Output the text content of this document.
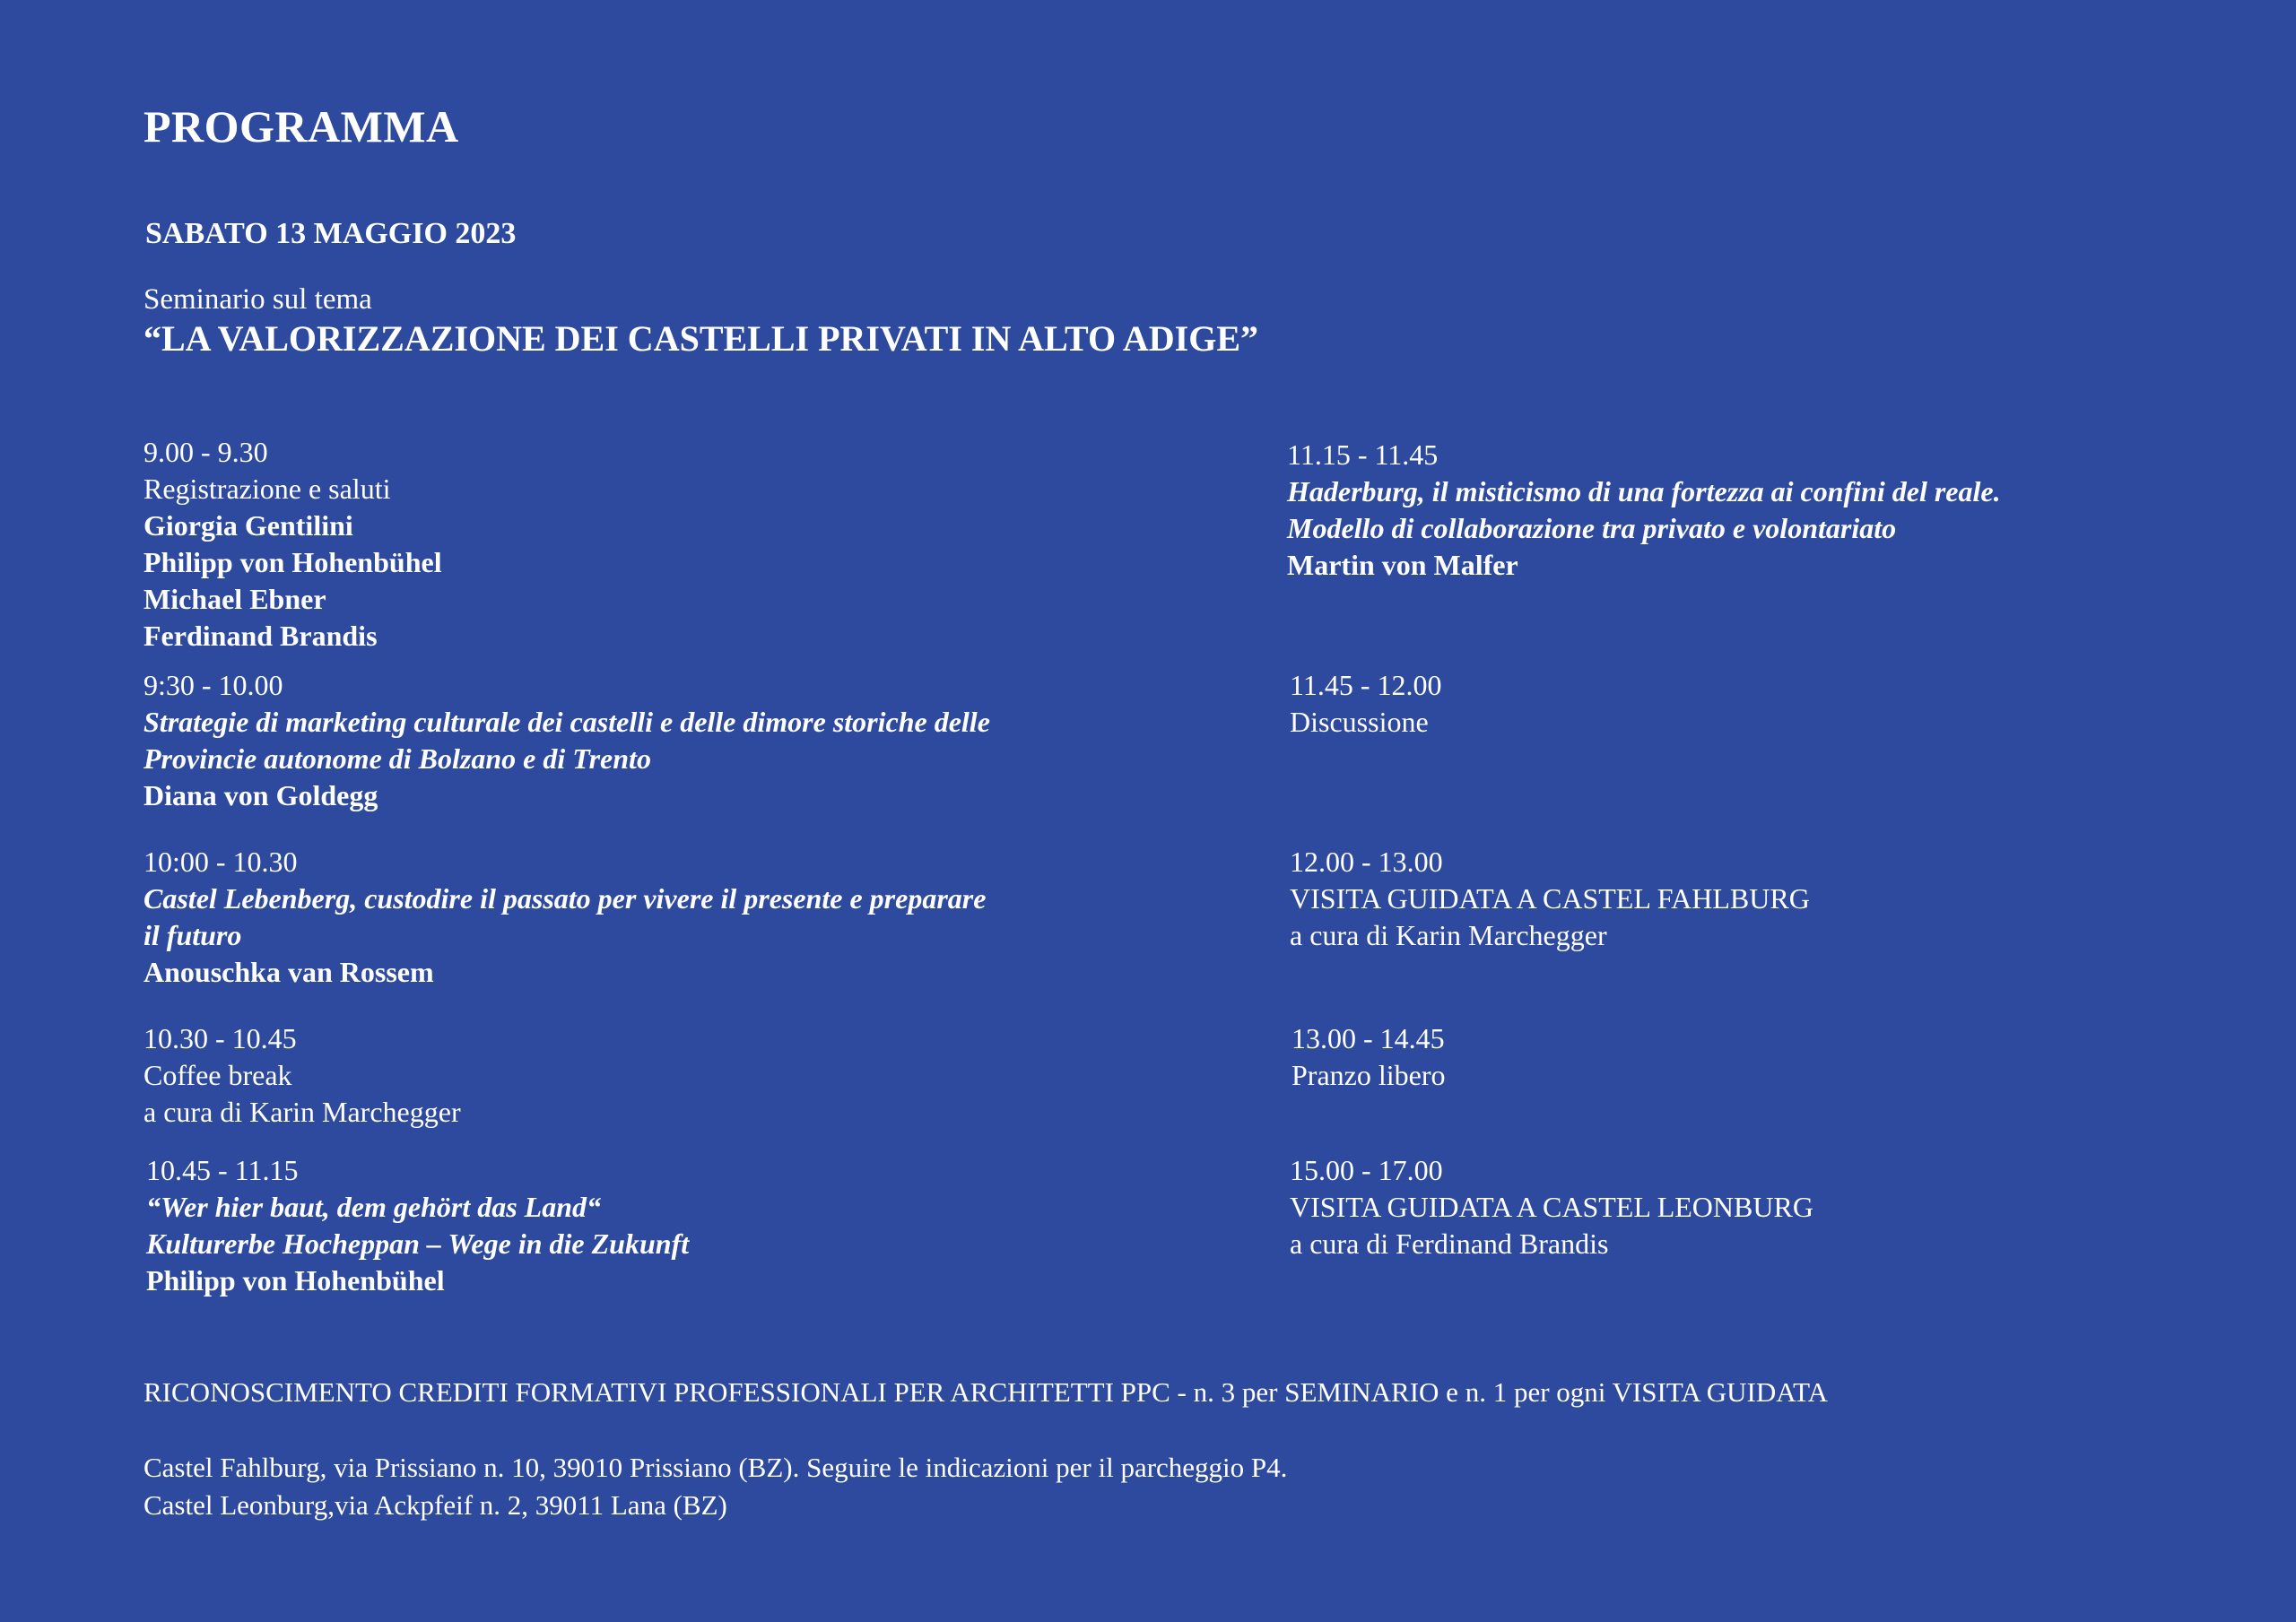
PROGRAMMA
SABATO 13 MAGGIO 2023
Seminario sul tema
“LA VALORIZZAZIONE DEI CASTELLI PRIVATI IN ALTO ADIGE”
9.00 - 9.30
Registrazione e saluti
Giorgia Gentilini
Philipp von Hohenbühel
Michael Ebner
Ferdinand Brandis
9:30 - 10.00
Strategie di marketing culturale dei castelli e delle dimore storiche delle
Provincie autonome di Bolzano e di Trento
Diana von Goldegg
10:00 - 10.30
Castel Lebenberg, custodire il passato per vivere il presente e preparare
il futuro
Anouschka van Rossem
10.30 - 10.45
Coffee break
a cura di Karin Marchegger
10.45 - 11.15
“Wer hier baut, dem gehört das Land“
Kulturerbe Hocheppan – Wege in die Zukunft
Philipp von Hohenbühel
11.15 - 11.45
Haderburg, il misticismo di una fortezza ai confini del reale.
Modello di collaborazione tra privato e volontariato
Martin von Malfer
11.45 - 12.00
Discussione
12.00 - 13.00
VISITA GUIDATA A CASTEL FAHLBURG
a cura di Karin Marchegger
13.00 - 14.45
Pranzo libero
15.00 - 17.00
VISITA GUIDATA A CASTEL LEONBURG
a cura di Ferdinand Brandis
RICONOSCIMENTO CREDITI FORMATIVI PROFESSIONALI PER ARCHITETTI PPC - n. 3 per SEMINARIO e n. 1 per ogni VISITA GUIDATA
Castel Fahlburg, via Prissiano n. 10, 39010 Prissiano (BZ). Seguire le indicazioni per il parcheggio P4.
Castel Leonburg,via Ackpfeif n. 2, 39011 Lana (BZ)
